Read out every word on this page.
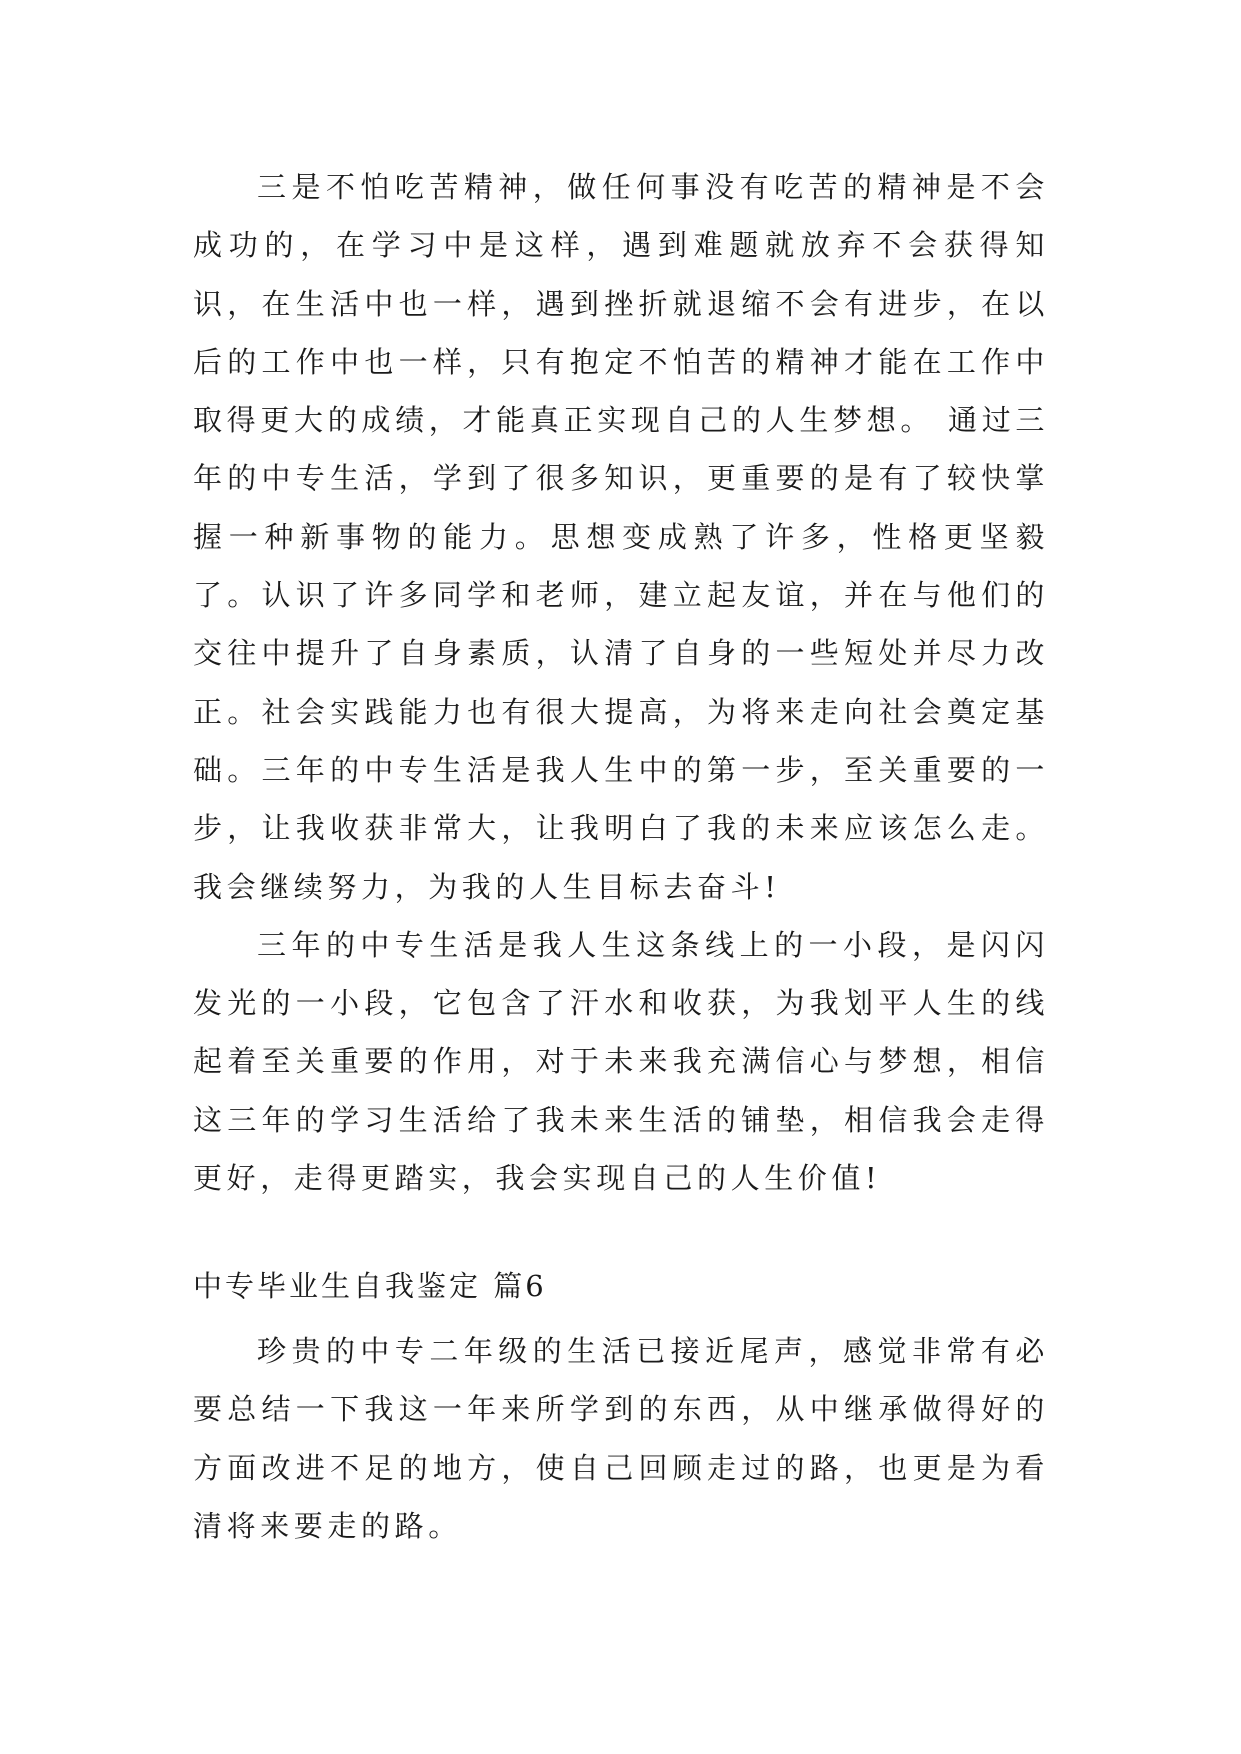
三是不怕吃苦精神，做任何事没有吃苦的精神是不会成功的，在学习中是这样，遇到难题就放弃不会获得知识，在生活中也一样，遇到挫折就退缩不会有进步，在以后的工作中也一样，只有抱定不怕苦的精神才能在工作中取得更大的成绩，才能真正实现自己的人生梦想。 通过三年的中专生活，学到了很多知识，更重要的是有了较快掌握一种新事物的能力。思想变成熟了许多，性格更坚毅了。认识了许多同学和老师，建立起友谊，并在与他们的交往中提升了自身素质，认清了自身的一些短处并尽力改正。社会实践能力也有很大提高，为将来走向社会奠定基础。三年的中专生活是我人生中的第一步，至关重要的一步，让我收获非常大，让我明白了我的未来应该怎么走。我会继续努力，为我的人生目标去奋斗!

三年的中专生活是我人生这条线上的一小段，是闪闪发光的一小段，它包含了汗水和收获，为我划平人生的线起着至关重要的作用，对于未来我充满信心与梦想，相信这三年的学习生活给了我未来生活的铺垫，相信我会走得更好，走得更踏实，我会实现自己的人生价值!

中专毕业生自我鉴定 篇6

珍贵的中专二年级的生活已接近尾声，感觉非常有必要总结一下我这一年来所学到的东西，从中继承做得好的方面改进不足的地方，使自己回顾走过的路，也更是为看清将来要走的路。
